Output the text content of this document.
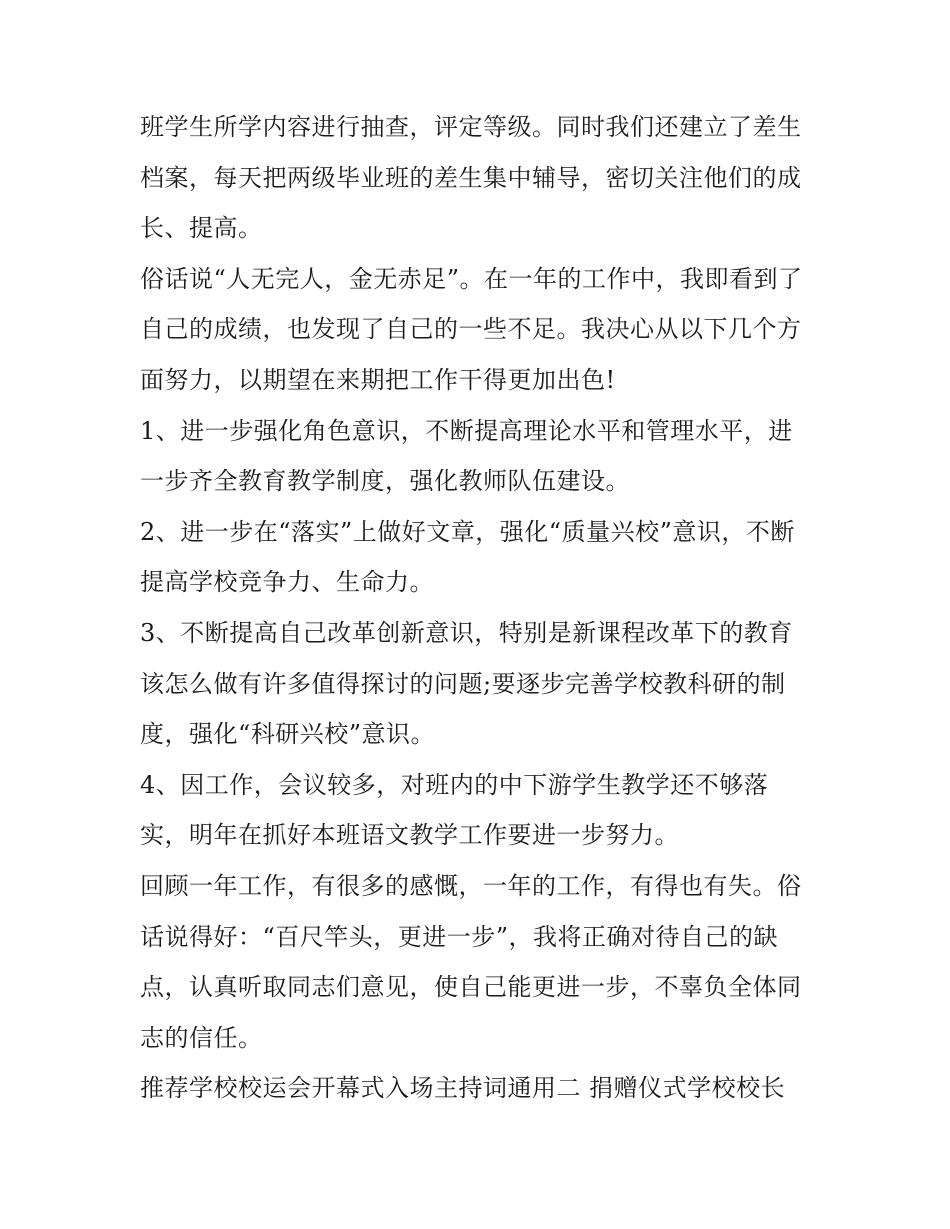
班学生所学内容进行抽查，评定等级。同时我们还建立了差生
档案，每天把两级毕业班的差生集中辅导，密切关注他们的成
长、提高。

俗话说“人无完人，金无赤足”。在一年的工作中，我即看到了
自己的成绩，也发现了自己的一些不足。我决心从以下几个方
面努力，以期望在来期把工作干得更加出色!

1、进一步强化角色意识，不断提高理论水平和管理水平，进
一步齐全教育教学制度，强化教师队伍建设。

2、进一步在“落实”上做好文章，强化“质量兴校”意识，不断
提高学校竞争力、生命力。

3、不断提高自己改革创新意识，特别是新课程改革下的教育
该怎么做有许多值得探讨的问题;要逐步完善学校教科研的制
度，强化“科研兴校”意识。

4、因工作，会议较多，对班内的中下游学生教学还不够落
实，明年在抓好本班语文教学工作要进一步努力。

回顾一年工作，有很多的感慨，一年的工作，有得也有失。俗
话说得好：“百尺竿头，更进一步”，我将正确对待自己的缺
点，认真听取同志们意见，使自己能更进一步，不辜负全体同
志的信任。

推荐学校校运会开幕式入场主持词通用二 捐赠仪式学校校长
